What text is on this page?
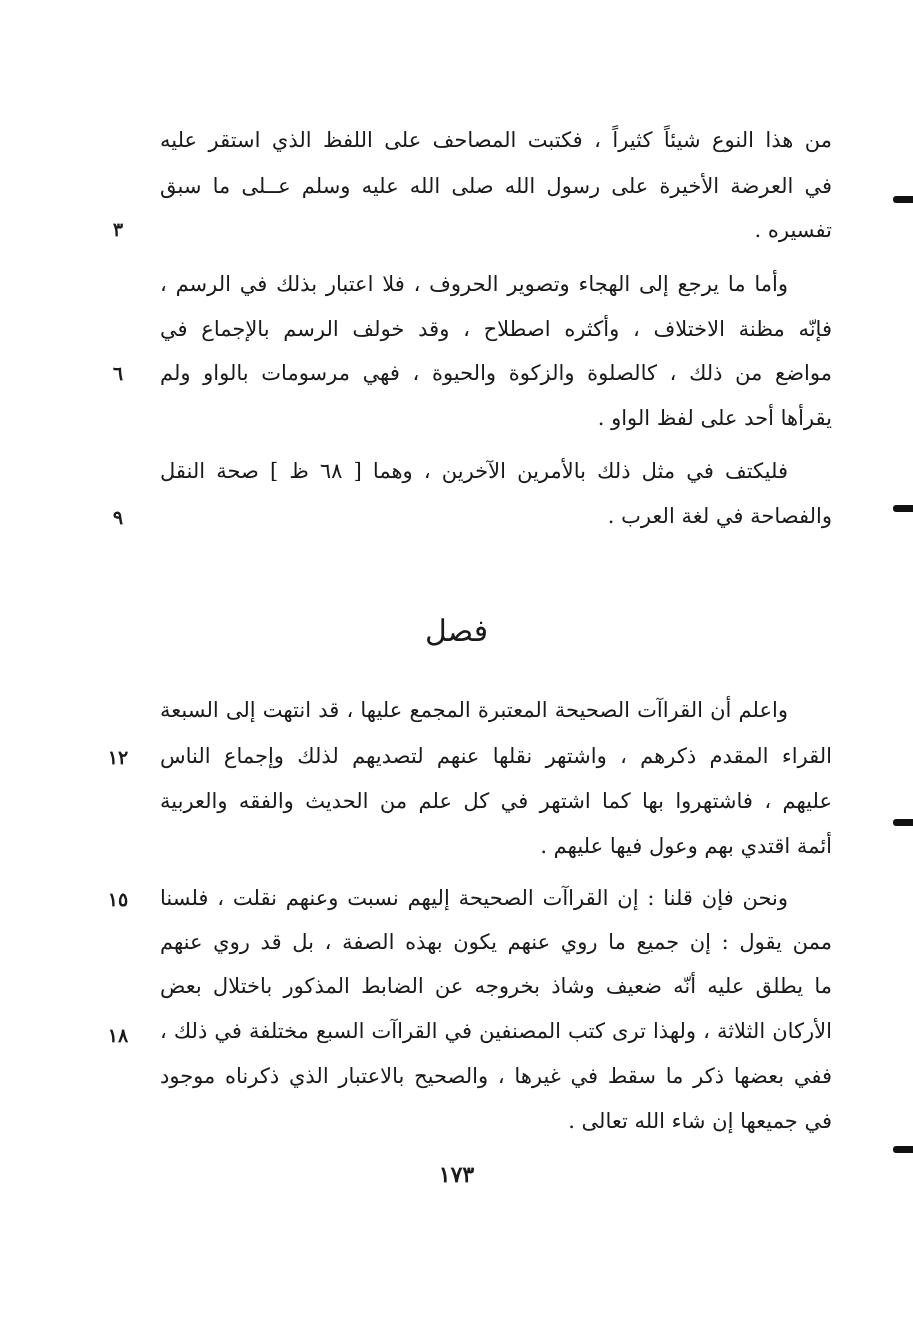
من هذا النوع شيئاً كثيراً ، فكتبت المصاحف على اللفظ الذي استقر عليه
في العرضة الأخيرة على رسول الله صلى الله عليه وسلم عــلى ما سبق
تفسيره .
٣
وأما ما يرجع إلى الهجاء وتصوير الحروف ، فلا اعتبار بذلك في الرسم ،
فإنّه مظنة الاختلاف ، وأكثره اصطلاح ، وقد خولف الرسم بالإجماع في
مواضع من ذلك ، كالصلوة والزكوة والحيوة ، فهي مرسومات بالواو ولم
٦
يقرأها أحد على لفظ الواو .
فليكتف في مثل ذلك بالأمرين الآخرين ، وهما [ ٦٨ ظ ] صحة النقل
والفصاحة في لغة العرب .
٩
فصل
واعلم أن القراآت الصحيحة المعتبرة المجمع عليها ، قد انتهت إلى السبعة
القراء المقدم ذكرهم ، واشتهر نقلها عنهم لتصديهم لذلك وإجماع الناس
١٢
عليهم ، فاشتهروا بها كما اشتهر في كل علم من الحديث والفقه والعربية
أئمة اقتدي بهم وعول فيها عليهم .
ونحن فإن قلنا : إن القراآت الصحيحة إليهم نسبت وعنهم نقلت ، فلسنا
١٥
ممن يقول : إن جميع ما روي عنهم يكون بهذه الصفة ، بل قد روي عنهم
ما يطلق عليه أنّه ضعيف وشاذ بخروجه عن الضابط المذكور باختلال بعض
الأركان الثلاثة ، ولهذا ترى كتب المصنفين في القراآت السبع مختلفة في ذلك ،
١٨
ففي بعضها ذكر ما سقط في غيرها ، والصحيح بالاعتبار الذي ذكرناه موجود
في جميعها إن شاء الله تعالى .
١٧٣
